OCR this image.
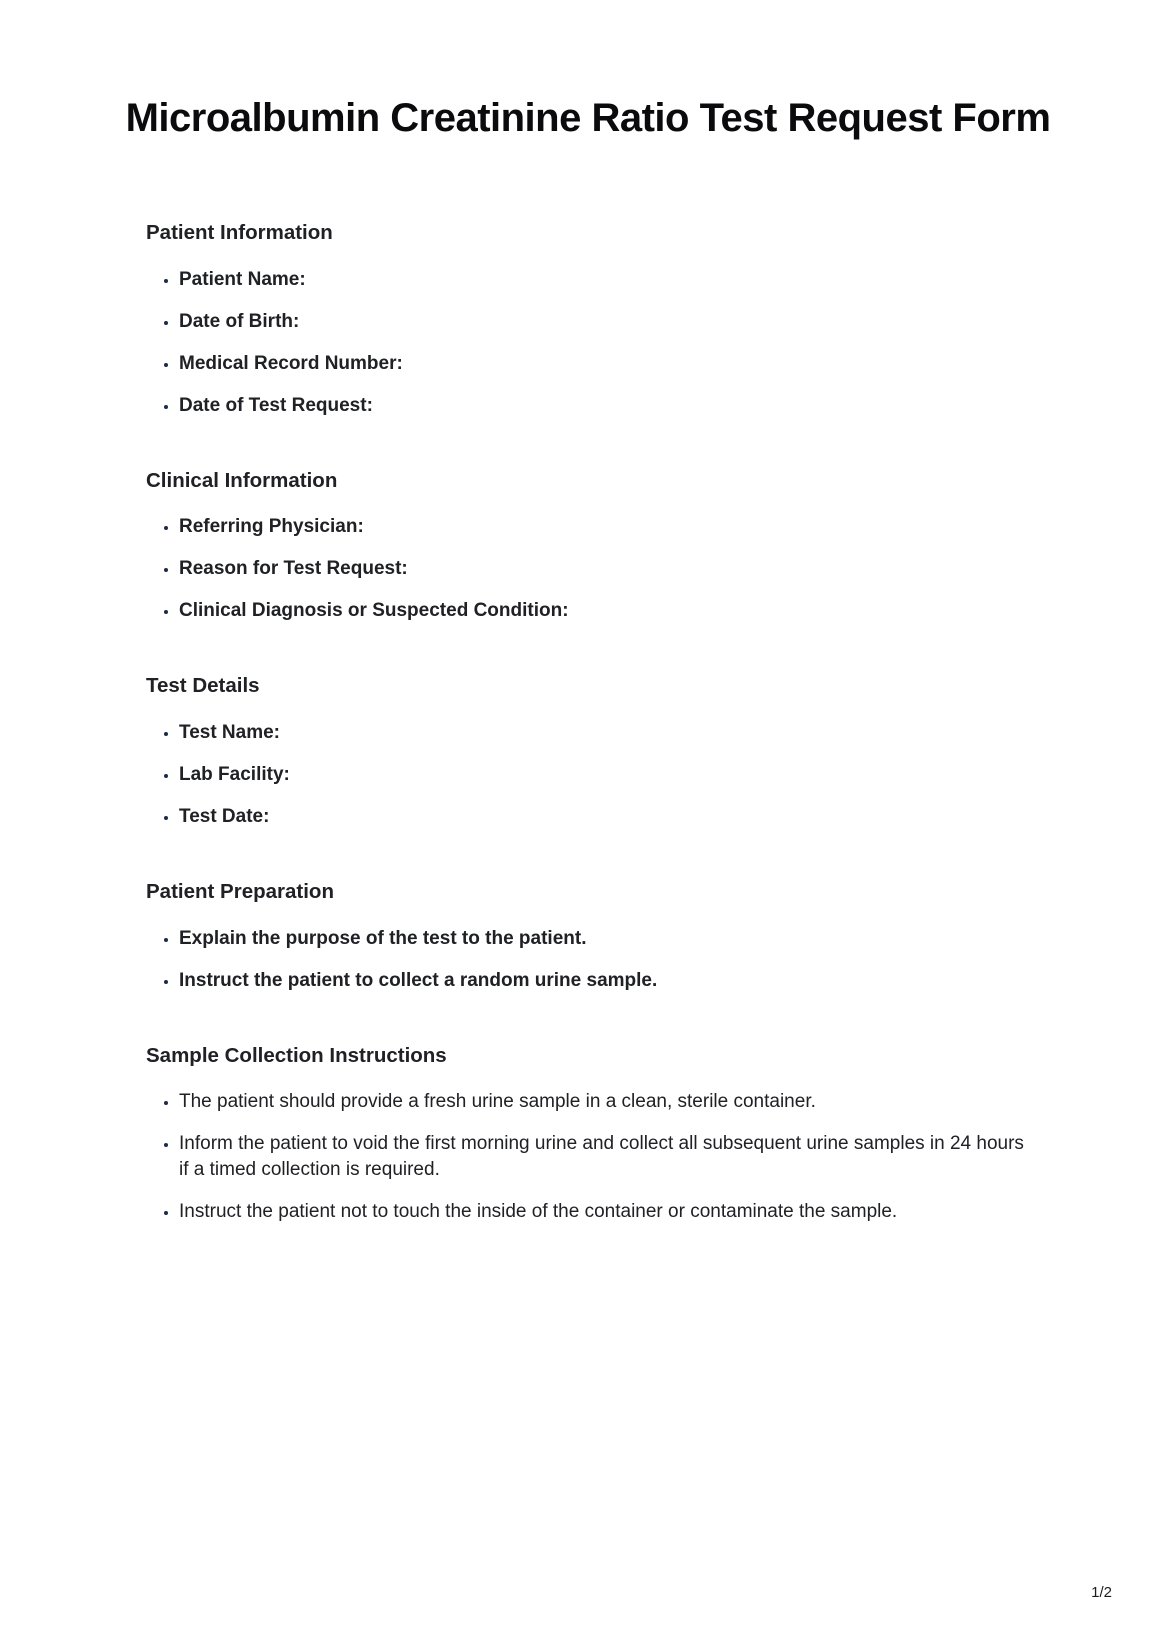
Microalbumin Creatinine Ratio Test Request Form
Patient Information
• Patient Name:
• Date of Birth:
• Medical Record Number:
• Date of Test Request:
Clinical Information
• Referring Physician:
• Reason for Test Request:
• Clinical Diagnosis or Suspected Condition:
Test Details
• Test Name:
• Lab Facility:
• Test Date:
Patient Preparation
• Explain the purpose of the test to the patient.
• Instruct the patient to collect a random urine sample.
Sample Collection Instructions
• The patient should provide a fresh urine sample in a clean, sterile container.
• Inform the patient to void the first morning urine and collect all subsequent urine samples in 24 hours if a timed collection is required.
• Instruct the patient not to touch the inside of the container or contaminate the sample.
1/2
